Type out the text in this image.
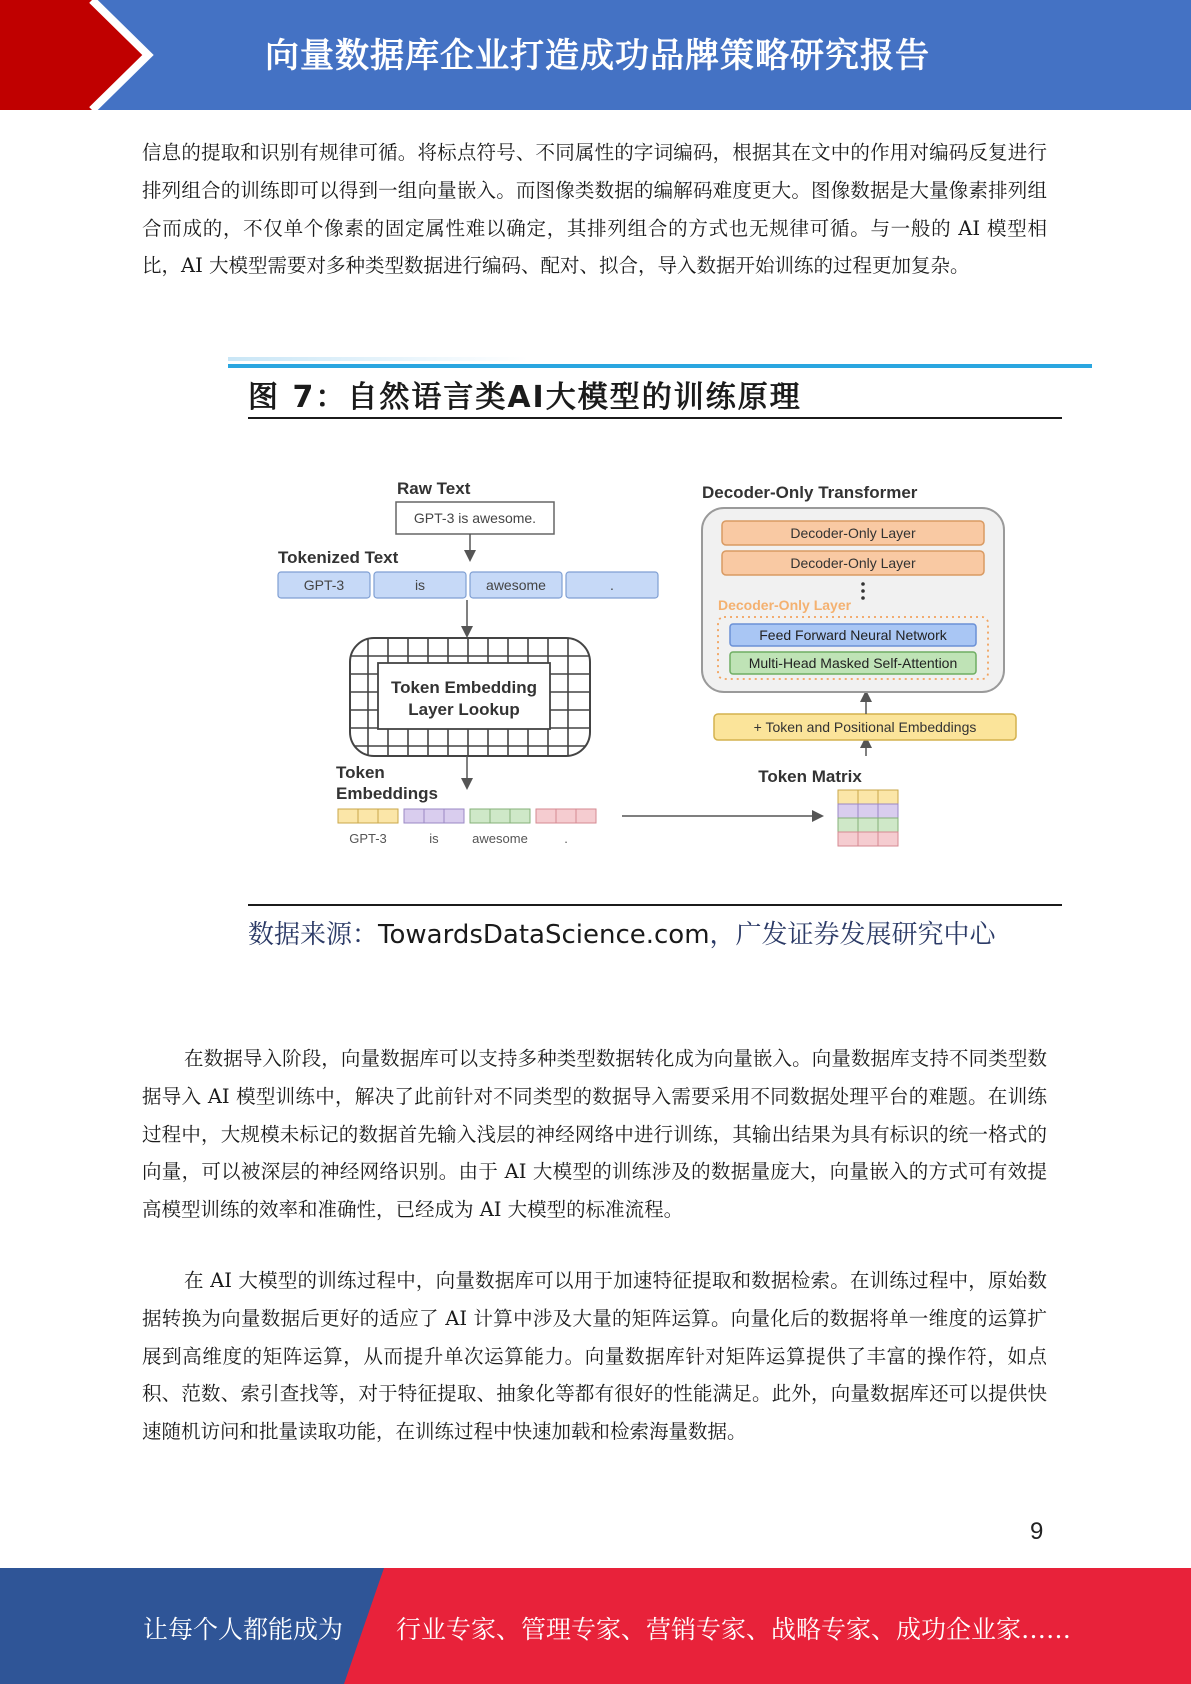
向量数据库企业打造成功品牌策略研究报告

信息的提取和识别有规律可循。将标点符号、不同属性的字词编码，根据其在文中的作用对编码反复进行排列组合的训练即可以得到一组向量嵌入。而图像类数据的编解码难度更大。图像数据是大量像素排列组合而成的，不仅单个像素的固定属性难以确定，其排列组合的方式也无规律可循。与一般的 AI 模型相比，AI 大模型需要对多种类型数据进行编码、配对、拟合，导入数据开始训练的过程更加复杂。

图 7：自然语言类AI大模型的训练原理
Raw Text
GPT-3 is awesome.
Tokenized Text
GPT-3	is	awesome	.
Token Embedding
Layer Lookup
Token
Embeddings
GPT-3	is	awesome	.
Token Matrix
+ Token and Positional Embeddings
Decoder-Only Transformer
Decoder-Only Layer
Decoder-Only Layer
Decoder-Only Layer
Feed Forward Neural Network
Multi-Head Masked Self-Attention
数据来源：TowardsDataScience.com，广发证券发展研究中心

在数据导入阶段，向量数据库可以支持多种类型数据转化成为向量嵌入。向量数据库支持不同类型数据导入 AI 模型训练中，解决了此前针对不同类型的数据导入需要采用不同数据处理平台的难题。在训练过程中，大规模未标记的数据首先输入浅层的神经网络中进行训练，其输出结果为具有标识的统一格式的向量，可以被深层的神经网络识别。由于 AI 大模型的训练涉及的数据量庞大，向量嵌入的方式可有效提高模型训练的效率和准确性，已经成为 AI 大模型的标准流程。

在 AI 大模型的训练过程中，向量数据库可以用于加速特征提取和数据检索。在训练过程中，原始数据转换为向量数据后更好的适应了 AI 计算中涉及大量的矩阵运算。向量化后的数据将单一维度的运算扩展到高维度的矩阵运算，从而提升单次运算能力。向量数据库针对矩阵运算提供了丰富的操作符，如点积、范数、索引查找等，对于特征提取、抽象化等都有很好的性能满足。此外，向量数据库还可以提供快速随机访问和批量读取功能，在训练过程中快速加载和检索海量数据。

9
让每个人都能成为 行业专家、管理专家、营销专家、战略专家、成功企业家……
